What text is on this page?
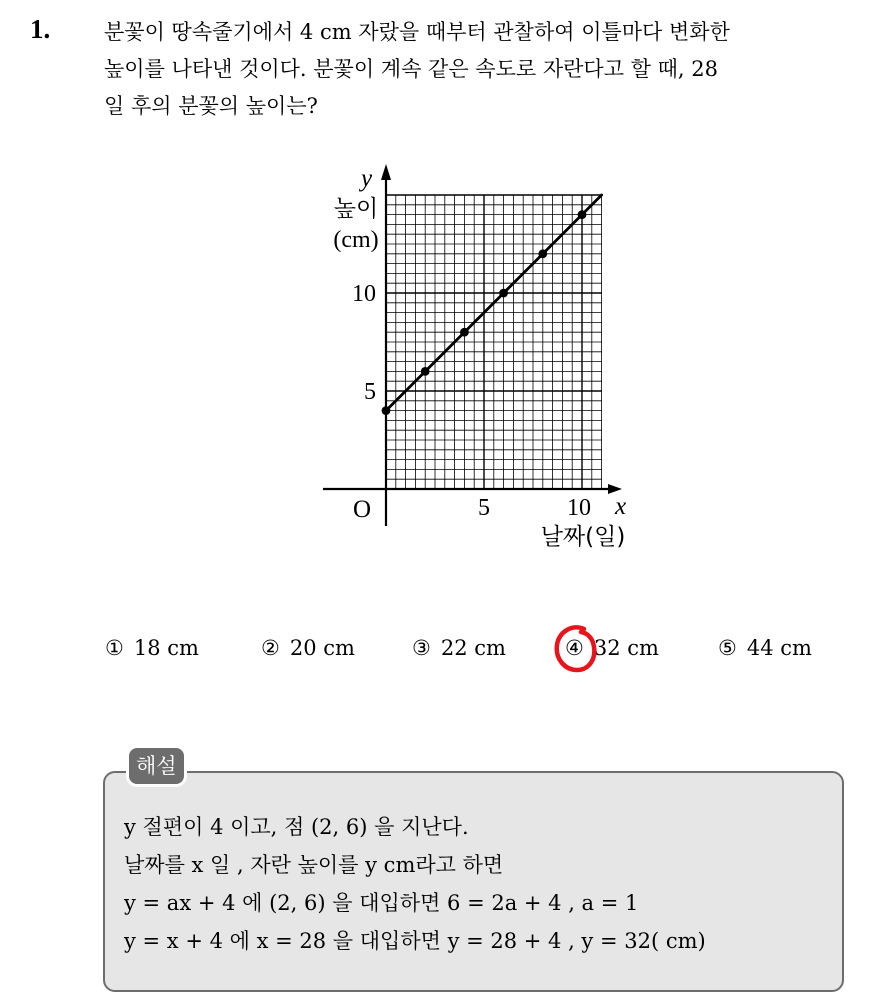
1.	분꽃이 땅속줄기에서 4 cm 자랐을 때부터 관찰하여 이틀마다 변화한
높이를 나타낸 것이다. 분꽃이 계속 같은 속도로 자란다고 할 때, 28
일 후의 분꽃의 높이는?
5	10
5
10
O	x
y
높이
(cm)
날짜(일)
① 18 cm	② 20 cm	③ 22 cm	④ 32 cm	⑤ 44 cm
해설
y 절편이 4 이고, 점 (2, 6) 을 지난다.
날짜를 x 일 , 자란 높이를 y cm라고 하면
y = ax + 4 에 (2, 6) 을 대입하면 6 = 2a + 4 , a = 1
y = x + 4 에 x = 28 을 대입하면 y = 28 + 4 , y = 32( cm)
